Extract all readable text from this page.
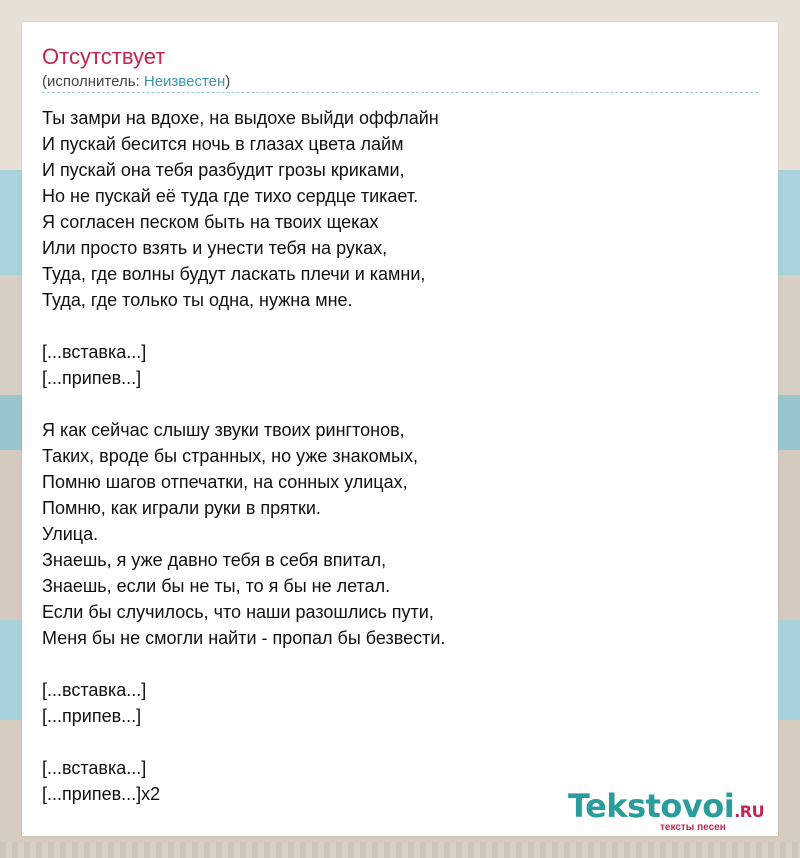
Отсутствует
(исполнитель: Неизвестен)
Ты замри на вдохе, на выдохе выйди оффлайн
И пускай бесится ночь в глазах цвета лайм
И пускай она тебя разбудит грозы криками,
Но не пускай её туда где тихо сердце тикает.
Я согласен песком быть на твоих щеках
Или просто взять и унести тебя на руках,
Туда, где волны будут ласкать плечи и камни,
Туда, где только ты одна, нужна мне.
[...вставка...]
[...припев...]
Я как сейчас слышу звуки твоих рингтонов,
Таких, вроде бы странных, но уже знакомых,
Помню шагов отпечатки, на сонных улицах,
Помню, как играли руки в прятки.
Улица.
Знаешь, я уже давно тебя в себя впитал,
Знаешь, если бы не ты, то я бы не летал.
Если бы случилось, что наши разошлись пути,
Меня бы не смогли найти - пропал бы безвести.
[...вставка...]
[...припев...]
[...вставка...]
[...припев...]x2	Tekstovoi.RU
тексты песен
